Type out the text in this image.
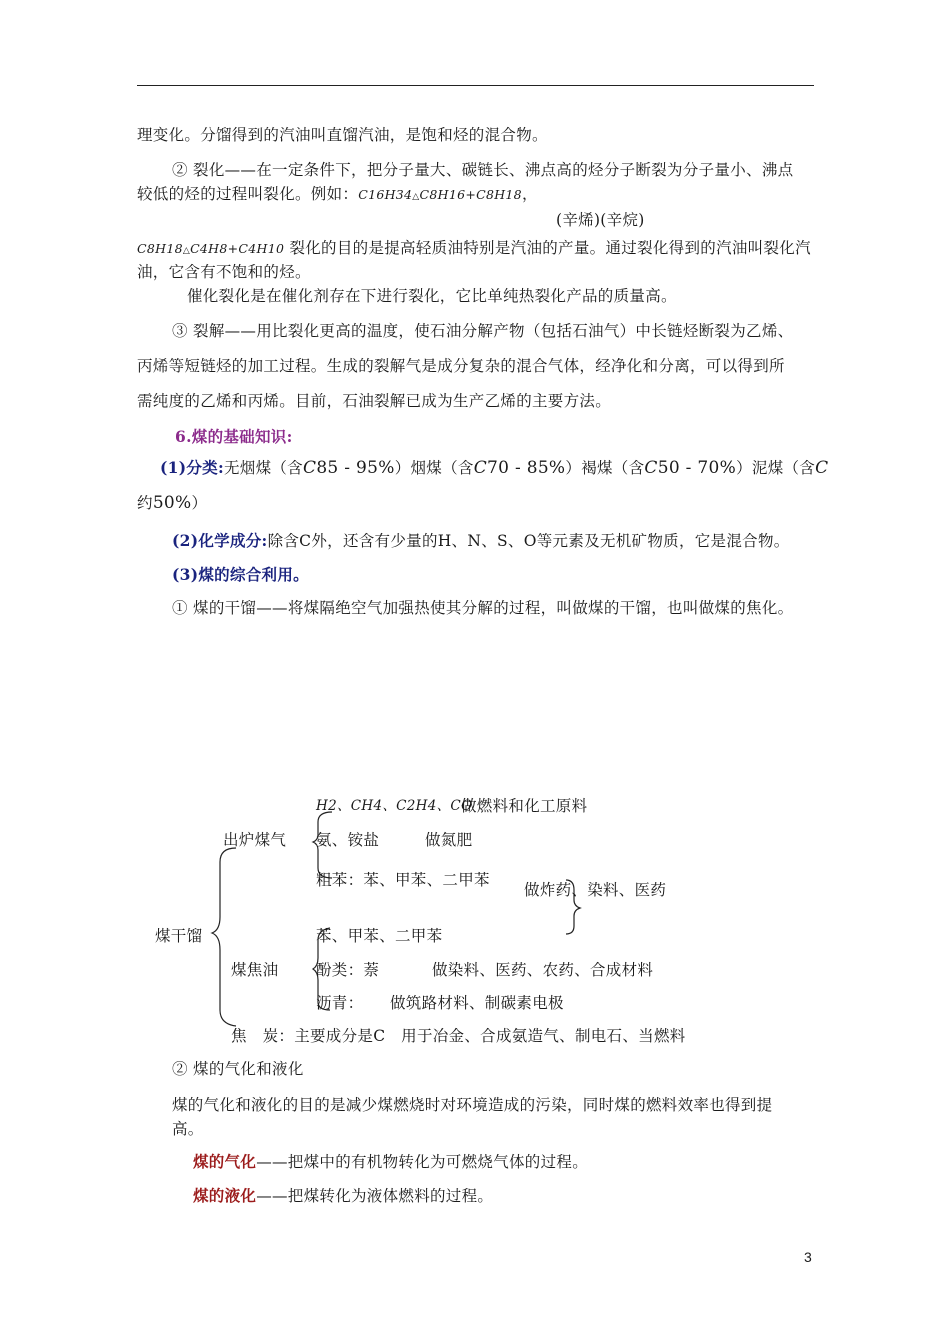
理变化。分馏得到的汽油叫直馏汽油，是饱和烃的混合物。
② 裂化——在一定条件下，把分子量大、碳链长、沸点高的烃分子断裂为分子量小、沸点
较低的烃的过程叫裂化。例如：C16H34△C8H16+C8H18，
(辛烯)(辛烷)
C8H18△C4H8+C4H10 裂化的目的是提高轻质油特别是汽油的产量。通过裂化得到的汽油叫裂化汽
油，它含有不饱和的烃。
催化裂化是在催化剂存在下进行裂化，它比单纯热裂化产品的质量高。
③ 裂解——用比裂化更高的温度，使石油分解产物（包括石油气）中长链烃断裂为乙烯、
丙烯等短链烃的加工过程。生成的裂解气是成分复杂的混合气体，经净化和分离，可以得到所
需纯度的乙烯和丙烯。目前，石油裂解已成为生产乙烯的主要方法。
6.煤的基础知识:
(1)分类:无烟煤（含C85 - 95%）烟煤（含C70 - 85%）褐煤（含C50 - 70%）泥煤（含C
约50%）
(2)化学成分:除含C外，还含有少量的H、N、S、O等元素及无机矿物质，它是混合物。
(3)煤的综合利用。
① 煤的干馏——将煤隔绝空气加强热使其分解的过程，叫做煤的干馏，也叫做煤的焦化。
煤干馏
出炉煤气
H2、CH4、C2H4、CO
做燃料和化工原料
氨、铵盐	做氮肥
粗苯：苯、甲苯、二甲苯
做炸药、染料、医药
煤焦油
苯、甲苯、二甲苯
酚类：萘	做染料、医药、农药、合成材料
沥青： 做筑路材料、制碳素电极
焦　炭：主要成分是C　用于冶金、合成氨造气、制电石、当燃料
② 煤的气化和液化
煤的气化和液化的目的是减少煤燃烧时对环境造成的污染，同时煤的燃料效率也得到提
高。
煤的气化——把煤中的有机物转化为可燃烧气体的过程。
煤的液化——把煤转化为液体燃料的过程。
3
